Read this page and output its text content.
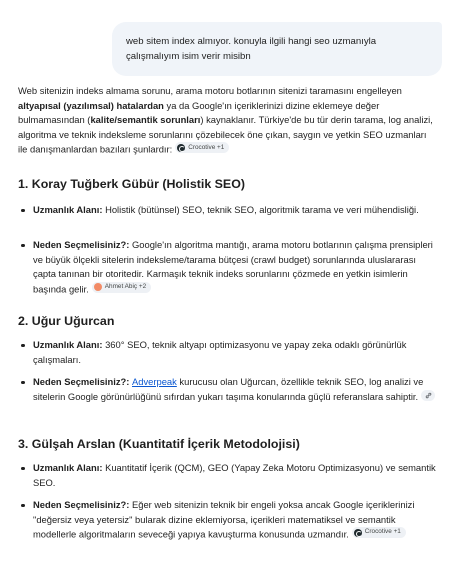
web sitem index almıyor. konuyla ilgili hangi seo uzmanıyla çalışmalıyım isim verir misibn

Web sitenizin indeks almama sorunu, arama motoru botlarının sitenizi taramasını engelleyen altyapısal (yazılımsal) hatalardan ya da Google'ın içeriklerinizi dizine eklemeye değer bulmamasından (kalite/semantik sorunları) kaynaklanır. Türkiye'de bu tür derin tarama, log analizi, algoritma ve teknik indeksleme sorunlarını çözebilecek öne çıkan, saygın ve yetkin SEO uzmanları ile danışmanlardan bazıları şunlardır:	Crocotive +1

1. Koray Tuğberk Gübür (Holistik SEO)
Uzmanlık Alanı: Holistik (bütünsel) SEO, teknik SEO, algoritmik tarama ve veri mühendisliği.
Neden Seçmelisiniz?: Google'ın algoritma mantığı, arama motoru botlarının çalışma prensipleri ve büyük ölçekli sitelerin indeksleme/tarama bütçesi (crawl budget) sorunlarında uluslararası çapta tanınan bir otoritedir. Karmaşık teknik indeks sorunlarını çözmede en yetkin isimlerin başında gelir.	Ahmet Abiç +2
2. Uğur Uğurcan
Uzmanlık Alanı: 360° SEO, teknik altyapı optimizasyonu ve yapay zeka odaklı görünürlük çalışmaları.
Neden Seçmelisiniz?: Adverpeak kurucusu olan Uğurcan, özellikle teknik SEO, log analizi ve sitelerin Google görünürlüğünü sıfırdan yukarı taşıma konularında güçlü referanslara sahiptir.
3. Gülşah Arslan (Kuantitatif İçerik Metodolojisi)
Uzmanlık Alanı: Kuantitatif İçerik (QCM), GEO (Yapay Zeka Motoru Optimizasyonu) ve semantik SEO.
Neden Seçmelisiniz?: Eğer web sitenizin teknik bir engeli yoksa ancak Google içeriklerinizi "değersiz veya yetersiz" bularak dizine eklemiyorsa, içerikleri matematiksel ve semantik modellerle algoritmaların seveceği yapıya kavuşturma konusunda uzmandır.	Crocotive +1
